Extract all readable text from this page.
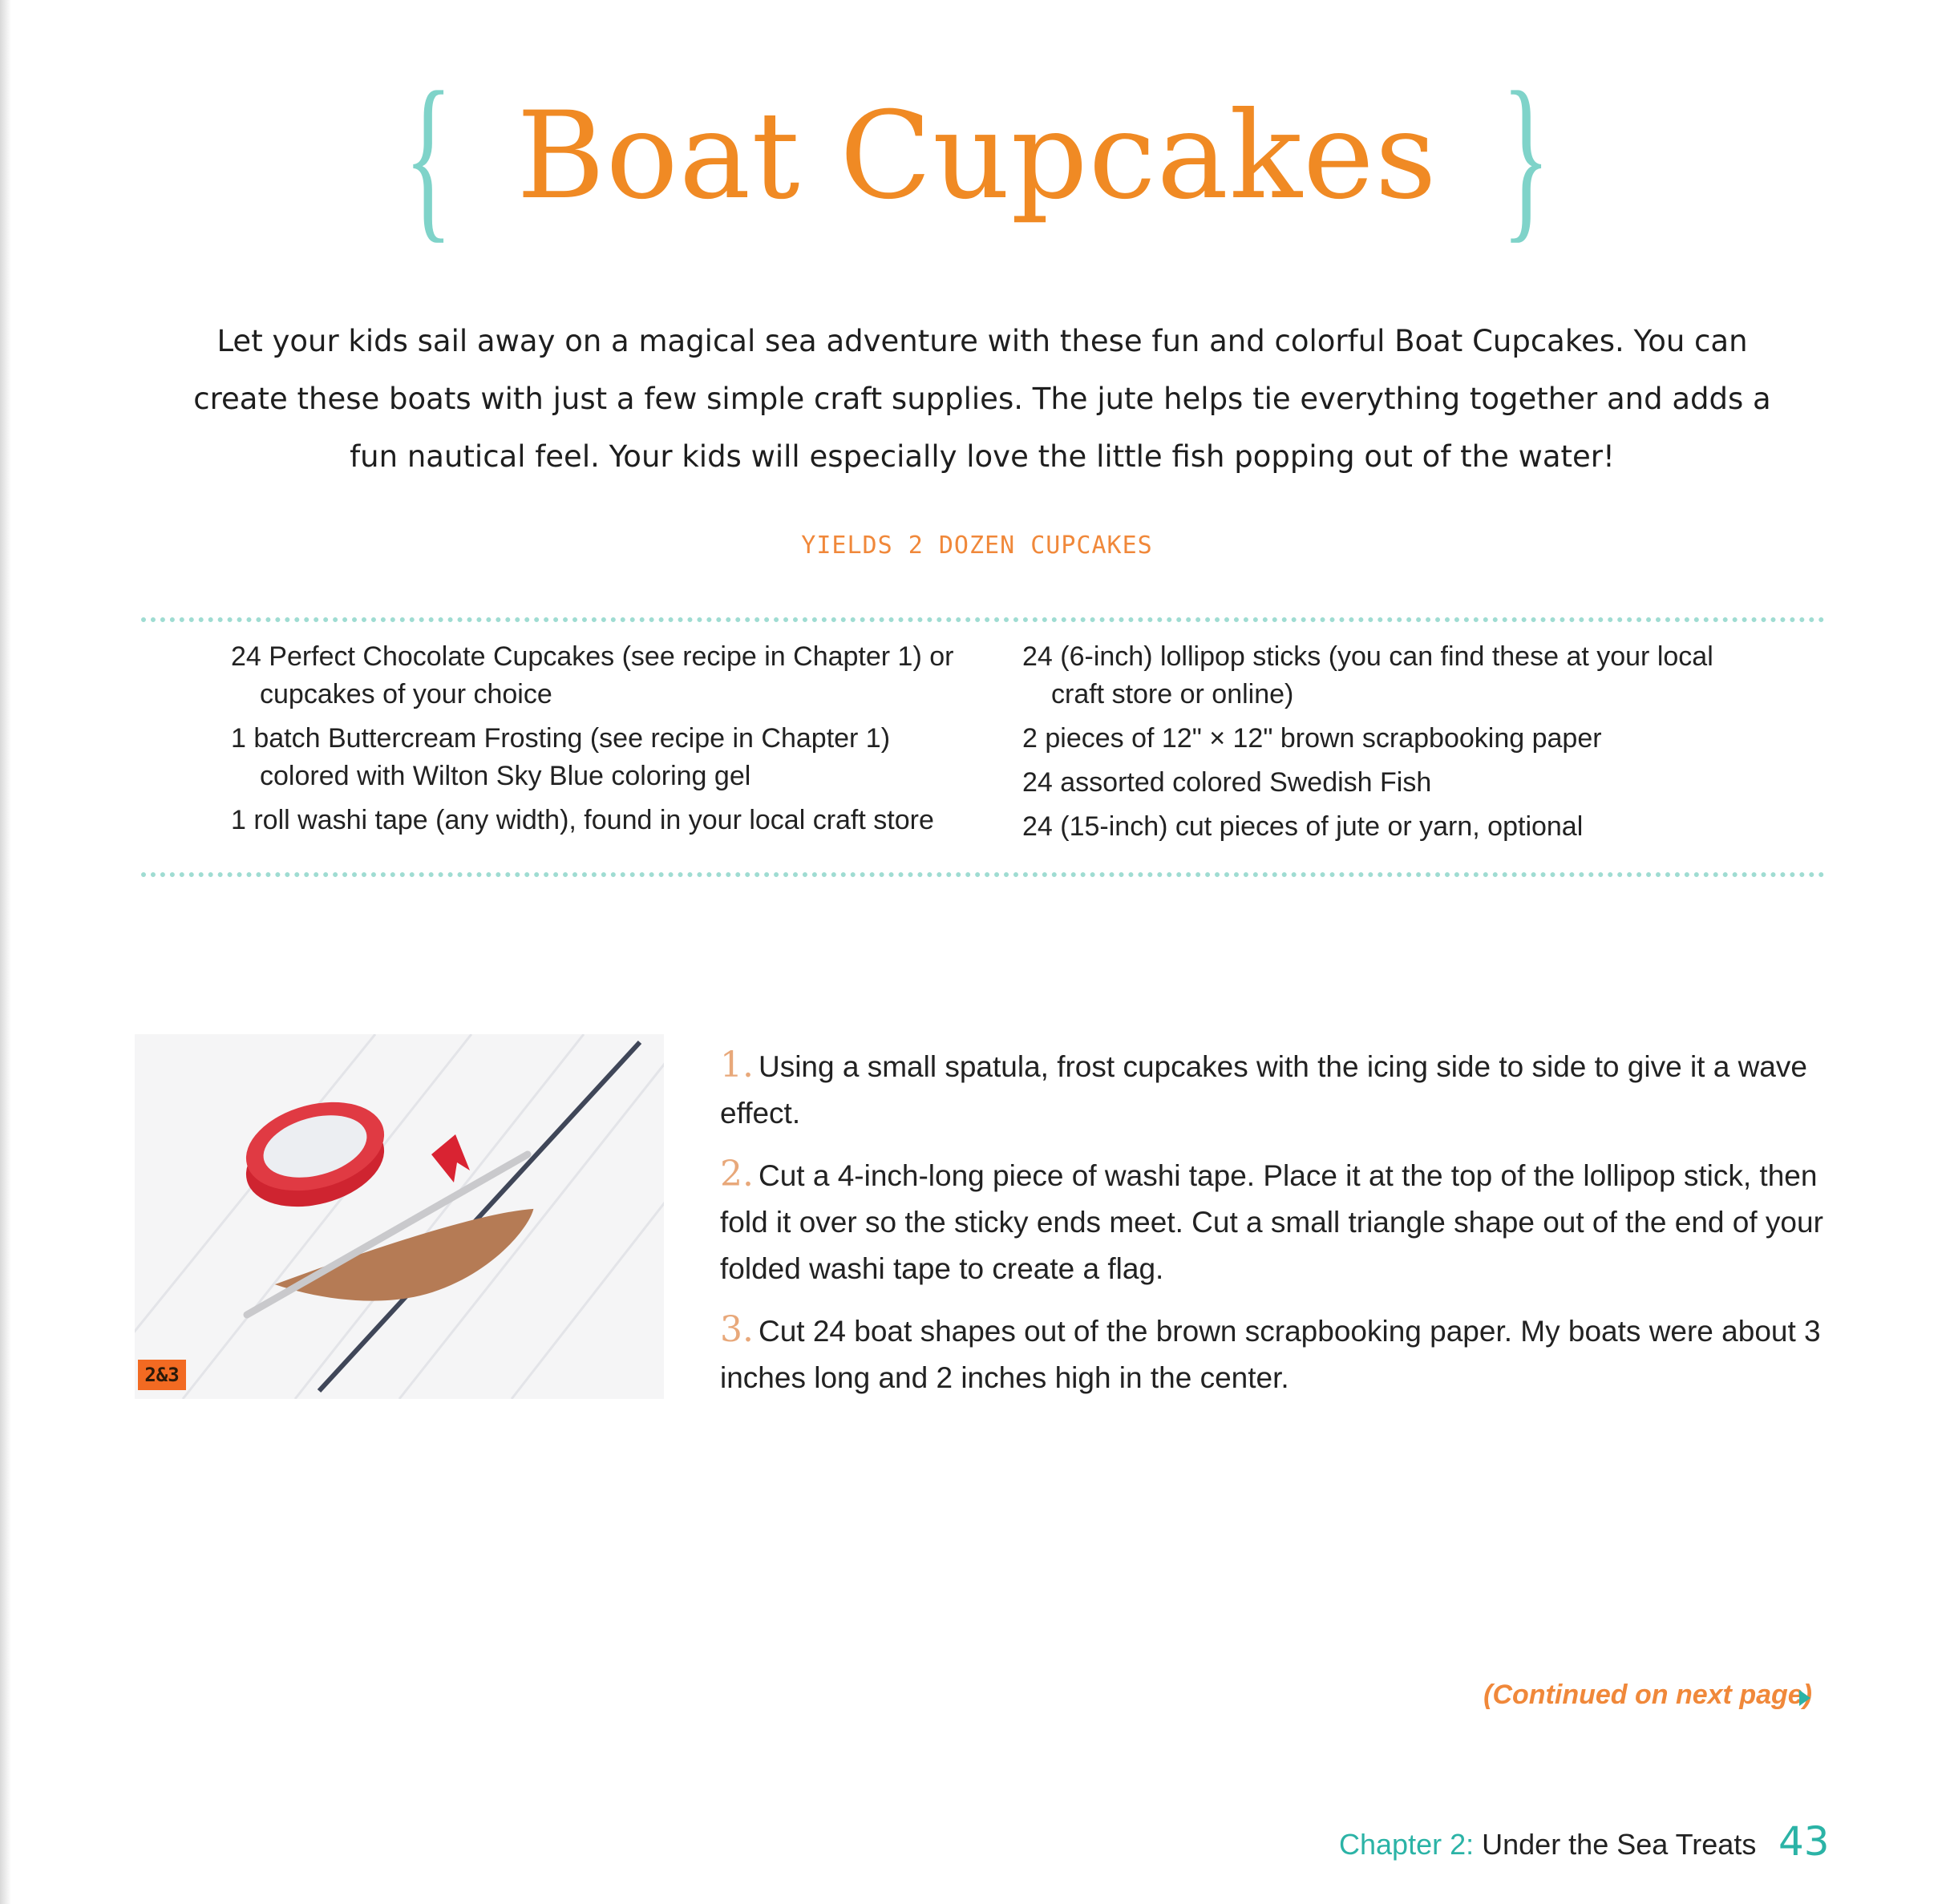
{ Boat Cupcakes }
Let your kids sail away on a magical sea adventure with these fun and colorful Boat Cupcakes. You can create these boats with just a few simple craft supplies. The jute helps tie everything together and adds a fun nautical feel. Your kids will especially love the little fish popping out of the water!
YIELDS 2 DOZEN CUPCAKES
24 Perfect Chocolate Cupcakes (see recipe in Chapter 1) or cupcakes of your choice
1 batch Buttercream Frosting (see recipe in Chapter 1) colored with Wilton Sky Blue coloring gel
1 roll washi tape (any width), found in your local craft store
24 (6-inch) lollipop sticks (you can find these at your local craft store or online)
2 pieces of 12" × 12" brown scrapbooking paper
24 assorted colored Swedish Fish
24 (15-inch) cut pieces of jute or yarn, optional
2&3
1. Using a small spatula, frost cupcakes with the icing side to side to give it a wave effect.
2. Cut a 4-inch-long piece of washi tape. Place it at the top of the lollipop stick, then fold it over so the sticky ends meet. Cut a small triangle shape out of the end of your folded washi tape to create a flag.
3. Cut 24 boat shapes out of the brown scrapbooking paper. My boats were about 3 inches long and 2 inches high in the center.
(Continued on next page)
Chapter 2: Under the Sea Treats 43
